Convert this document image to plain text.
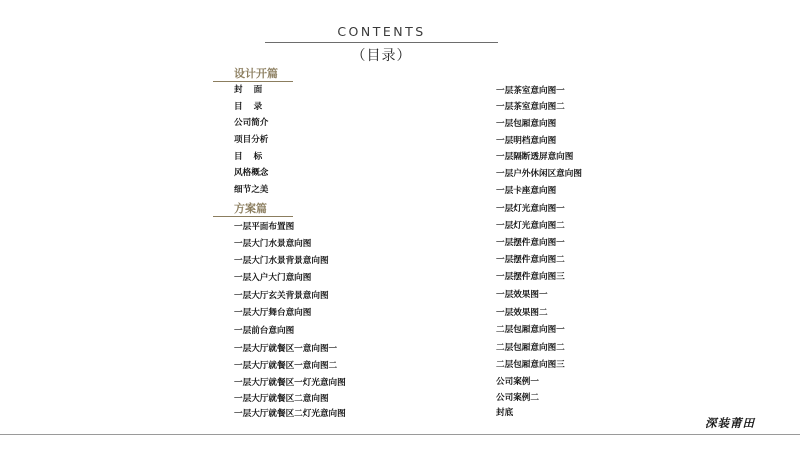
CONTENTS
（目录）
设计开篇
封 面
目 录
公司简介
项目分析
目 标
风格概念
细节之美
方案篇
一层平面布置图
一层大门水景意向图
一层大门水景背景意向图
一层入户大门意向图
一层大厅玄关背景意向图
一层大厅舞台意向图
一层前台意向图
一层大厅就餐区一意向图一
一层大厅就餐区一意向图二
一层大厅就餐区一灯光意向图
一层大厅就餐区二意向图
一层大厅就餐区二灯光意向图
一层茶室意向图一
一层茶室意向图二
一层包厢意向图
一层明档意向图
一层隔断透屏意向图
一层户外休闲区意向图
一层卡座意向图
一层灯光意向图一
一层灯光意向图二
一层摆件意向图一
一层摆件意向图二
一层摆件意向图三
一层效果图一
一层效果图二
二层包厢意向图一
二层包厢意向图二
二层包厢意向图三
公司案例一
公司案例二
封底
深装莆田
